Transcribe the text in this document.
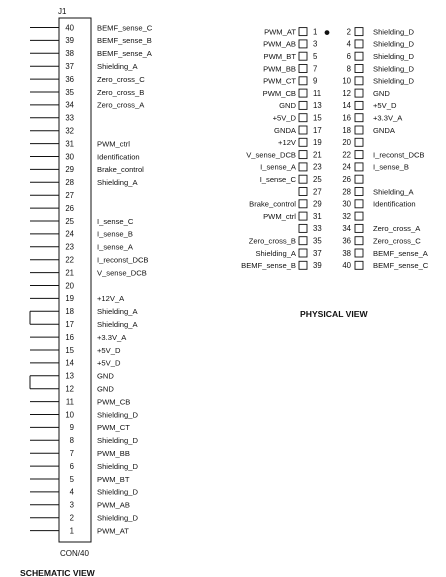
J1
40	BEMF_sense_C
39	BEMF_sense_B
38	BEMF_sense_A
37	Shielding_A
36	Zero_cross_C
35	Zero_cross_B
34	Zero_cross_A
33
32
31	PWM_ctrl
30	Identification
29	Brake_control
28	Shielding_A
27
26
25	I_sense_C
24	I_sense_B
23	I_sense_A
22	I_reconst_DCB
21	V_sense_DCB
20
19	+12V_A
18	Shielding_A
17	Shielding_A
16	+3.3V_A
15	+5V_D
14	+5V_D
13	GND
12	GND
11	PWM_CB
10	Shielding_D
9	PWM_CT
8	Shielding_D
7	PWM_BB
6	Shielding_D
5	PWM_BT
4	Shielding_D
3	PWM_AB
2	Shielding_D
1	PWM_AT
CON/40
SCHEMATIC VIEW
PWM_AT 1	2	Shielding_D
PWM_AB 3	4	Shielding_D
PWM_BT 5	6	Shielding_D
PWM_BB 7	8	Shielding_D
PWM_CT 9	10	Shielding_D
PWM_CB 11	12	GND
GND 13	14	+5V_D
+5V_D 15	16	+3.3V_A
GNDA 17	18	GNDA
+12V 19	20
V_sense_DCB 21	22	I_reconst_DCB
I_sense_A 23	24	I_sense_B
I_sense_C 25	26
27	28	Shielding_A
Brake_control 29	30	Identification
PWM_ctrl 31	32
33	34	Zero_cross_A
Zero_cross_B 35	36	Zero_cross_C
Shielding_A 37	38	BEMF_sense_A
BEMF_sense_B 39	40	BEMF_sense_C
PHYSICAL VIEW
